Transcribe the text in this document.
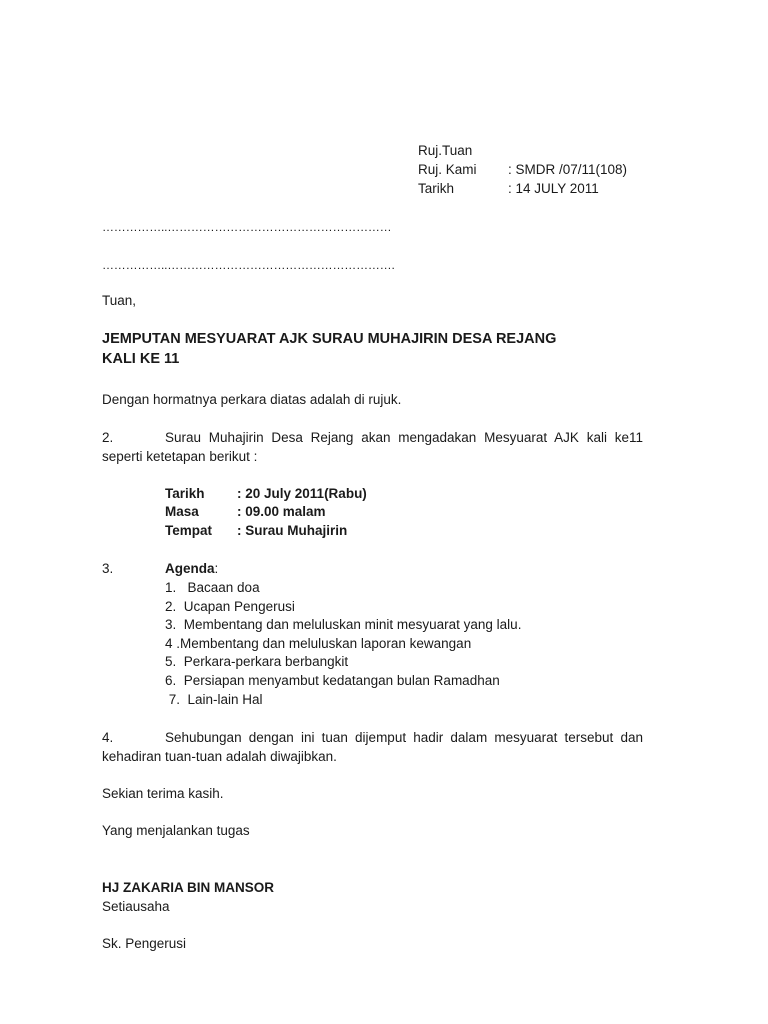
Ruj.Tuan
Ruj. Kami : SMDR /07/11(108)
Tarikh	: 14 JULY 2011
……………..…………………………………………………
……………..………………………………………………….
Tuan,
JEMPUTAN MESYUARAT AJK SURAU MUHAJIRIN DESA REJANG
KALI KE 11
Dengan hormatnya perkara diatas adalah di rujuk.
2.	Surau Muhajirin Desa Rejang akan mengadakan Mesyuarat AJK kali ke11
seperti ketetapan berikut :
Tarikh : 20 July 2011(Rabu)
Masa	: 09.00 malam
Tempat : Surau Muhajirin
3.	Agenda:
1.   Bacaan doa
2.  Ucapan Pengerusi
3.  Membentang dan meluluskan minit mesyuarat yang lalu.
4 .Membentang dan meluluskan laporan kewangan
5.  Perkara-perkara berbangkit
6.  Persiapan menyambut kedatangan bulan Ramadhan
7.  Lain-lain Hal
4.	Sehubungan dengan ini tuan dijemput hadir dalam mesyuarat tersebut dan
kehadiran tuan-tuan adalah diwajibkan.
Sekian terima kasih.
Yang menjalankan tugas
HJ ZAKARIA BIN MANSOR
Setiausaha
Sk. Pengerusi
